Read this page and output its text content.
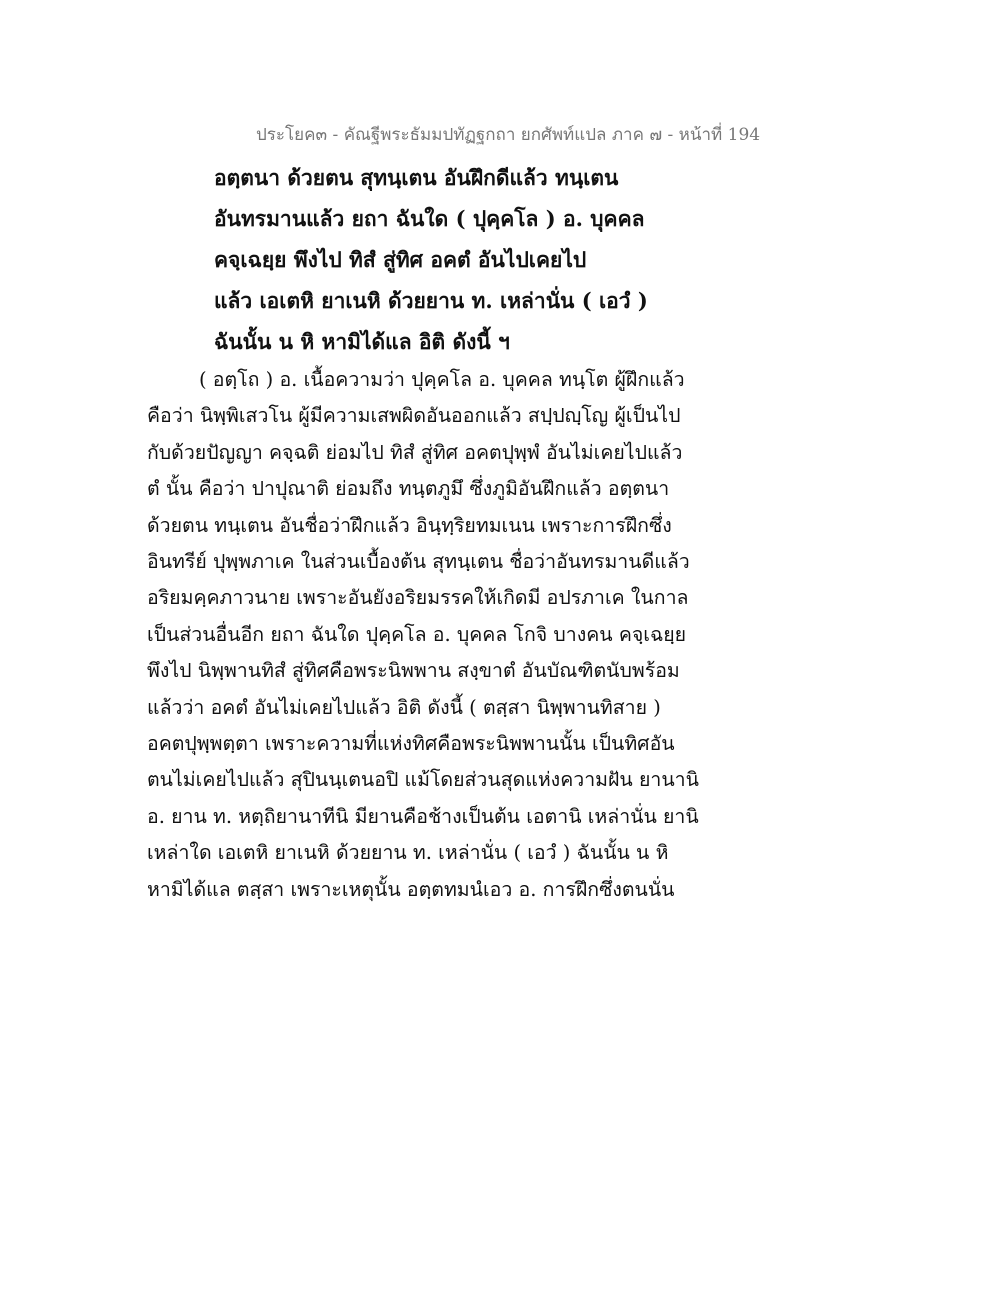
ประโยค๓ - คัณฐีพระธัมมปทัฏฐกถา ยกศัพท์แปล ภาค ๗ - หน้าที่ 194
อตฺตนา ด้วยตน สุทนฺเตน อันฝึกดีแล้ว ทนฺเตน
อันทรมานแล้ว ยถา ฉันใด ( ปุคฺคโล ) อ. บุคคล
คจฺเฉยฺย พึงไป ทิสํ สู่ทิศ อคตํ อันไปเคยไป
แล้ว เอเตหิ ยาเนหิ ด้วยยาน ท. เหล่านั่น ( เอวํ )
ฉันนั้น น หิ หามิได้แล อิติ ดังนี้ ฯ
( อตฺโถ ) อ. เนื้อความว่า ปุคฺคโล อ. บุคคล ทนฺโต ผู้ฝึกแล้ว
คือว่า นิพฺพิเสวโน ผู้มีความเสพผิดอันออกแล้ว สปฺปญฺโญ ผู้เป็นไป
กับด้วยปัญญา คจฺฉติ ย่อมไป ทิสํ สู่ทิศ อคตปุพฺพํ อันไม่เคยไปแล้ว
ตํ นั้น คือว่า ปาปุณาติ ย่อมถึง ทนฺตภูมึ ซึ่งภูมิอันฝึกแล้ว อตฺตนา
ด้วยตน ทนฺเตน อันชื่อว่าฝึกแล้ว อินฺทฺริยทมเนน เพราะการฝึกซึ่ง
อินทรีย์ ปุพฺพภาเค ในส่วนเบื้องต้น สุทนฺเตน ชื่อว่าอันทรมานดีแล้ว
อริยมคฺคภาวนาย เพราะอันยังอริยมรรคให้เกิดมี อปรภาเค ในกาล
เป็นส่วนอื่นอีก ยถา ฉันใด ปุคฺคโล อ. บุคคล โกจิ บางคน คจฺเฉยฺย
พึงไป นิพฺพานทิสํ สู่ทิศคือพระนิพพาน สงฺขาตํ อันบัณฑิตนับพร้อม
แล้วว่า อคตํ อันไม่เคยไปแล้ว อิติ ดังนี้ ( ตสฺสา นิพฺพานทิสาย )
อคตปุพฺพตฺตา เพราะความที่แห่งทิศคือพระนิพพานนั้น เป็นทิศอัน
ตนไม่เคยไปแล้ว สุปินนฺเตนอปิ แม้โดยส่วนสุดแห่งความฝัน ยานานิ
อ. ยาน ท. หตฺถิยานาทีนิ มียานคือช้างเป็นต้น เอตานิ เหล่านั่น ยานิ
เหล่าใด เอเตหิ ยาเนหิ ด้วยยาน ท. เหล่านั่น ( เอวํ ) ฉันนั้น น หิ
หามิได้แล ตสฺสา เพราะเหตุนั้น อตฺตทมนํเอว อ. การฝึกซึ่งตนนั่น
